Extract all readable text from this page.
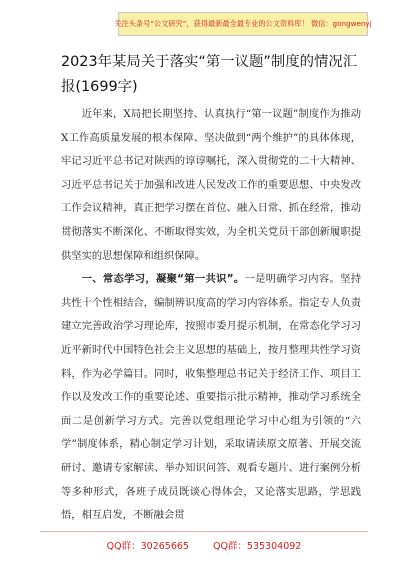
关注头条号“公文研究”，获得最新最全最专业的公文资料库！ 微信：gongwenyj
2023年某局关于落实“第一议题”制度的情况汇报(1699字)

近年来，X局把长期坚持、认真执行“第一议题”制度作为推动X工作高质量发展的根本保障、坚决做到“两个维护”的具体体现，牢记习近平总书记对陕西的谆谆嘱托，深入贯彻党的二十大精神、习近平总书记关于加强和改进人民发改工作的重要思想、中央发改工作会议精神，真正把学习摆在首位、融入日常、抓在经常，推动贯彻落实不断深化、不断取得实效，为全机关党员干部创新履职提供坚实的思想保障和组织保障。

一、常态学习，凝聚“第一共识”。一是明确学习内容。坚持共性十个性相结合，编制辨识度高的学习内容体系。指定专人负责建立完善政治学习理论库，按照市委月提示机制，在常态化学习习近平新时代中国特色社会主义思想的基础上，按月整理共性学习资料，作为必学篇目。同时，收集整理总书记关于经济工作、项目工作以及发改工作的重要论述、重要指示批示精神，推动学习系统全面二是创新学习方式。完善以党组理论学习中心组为引领的“六学”制度体系，精心制定学习计划，采取请读原文原著、开展交流研讨、邀请专家解读、举办知识问答、观看专题片、进行案例分析等多种形式，各班子成员既谈心得体会，又论落实思路，学思践悟，相互启发，不断融会贯

QQ群：30265665	QQ群：535304092
